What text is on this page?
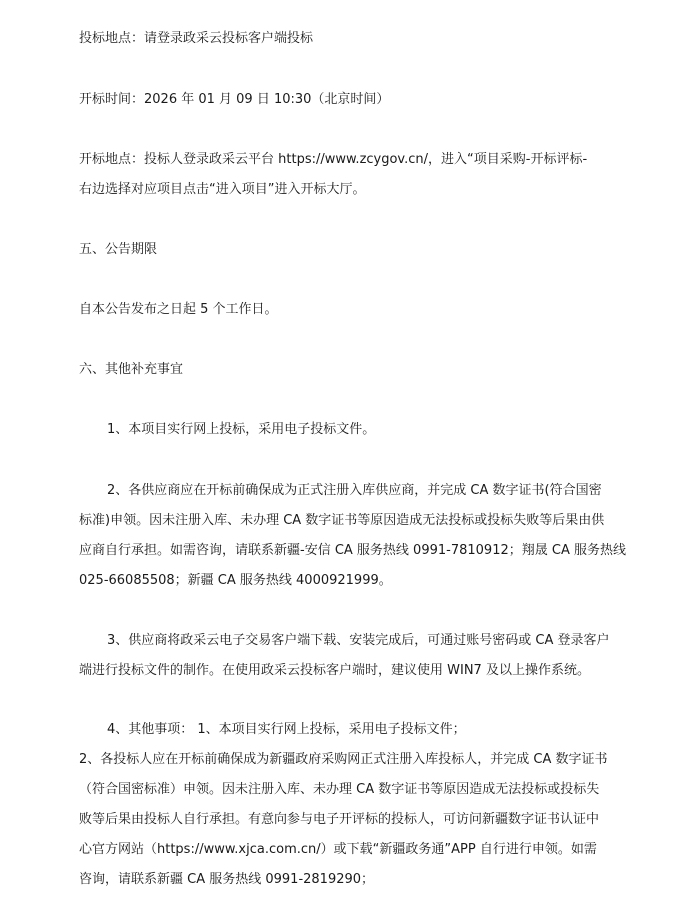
投标地点：请登录政采云投标客户端投标
开标时间：2026 年 01 月 09 日 10:30（北京时间）
开标地点：投标人登录政采云平台 https://www.zcygov.cn/，进入“项目采购-开标评标-
右边选择对应项目点击“进入项目”进入开标大厅。
五、公告期限
自本公告发布之日起 5 个工作日。
六、其他补充事宜
1、本项目实行网上投标，采用电子投标文件。
2、各供应商应在开标前确保成为正式注册入库供应商，并完成 CA 数字证书(符合国密
标准)申领。因未注册入库、未办理 CA 数字证书等原因造成无法投标或投标失败等后果由供
应商自行承担。如需咨询，请联系新疆-安信 CA 服务热线 0991-7810912；翔晟 CA 服务热线
025-66085508；新疆 CA 服务热线 4000921999。
3、供应商将政采云电子交易客户端下载、安装完成后，可通过账号密码或 CA 登录客户
端进行投标文件的制作。在使用政采云投标客户端时，建议使用 WIN7 及以上操作系统。
4、其他事项： 1、本项目实行网上投标，采用电子投标文件；
2、各投标人应在开标前确保成为新疆政府采购网正式注册入库投标人，并完成 CA 数字证书
（符合国密标准）申领。因未注册入库、未办理 CA 数字证书等原因造成无法投标或投标失
败等后果由投标人自行承担。有意向参与电子开评标的投标人，可访问新疆数字证书认证中
心官方网站（https://www.xjca.com.cn/）或下载“新疆政务通”APP 自行进行申领。如需
咨询，请联系新疆 CA 服务热线 0991-2819290；
